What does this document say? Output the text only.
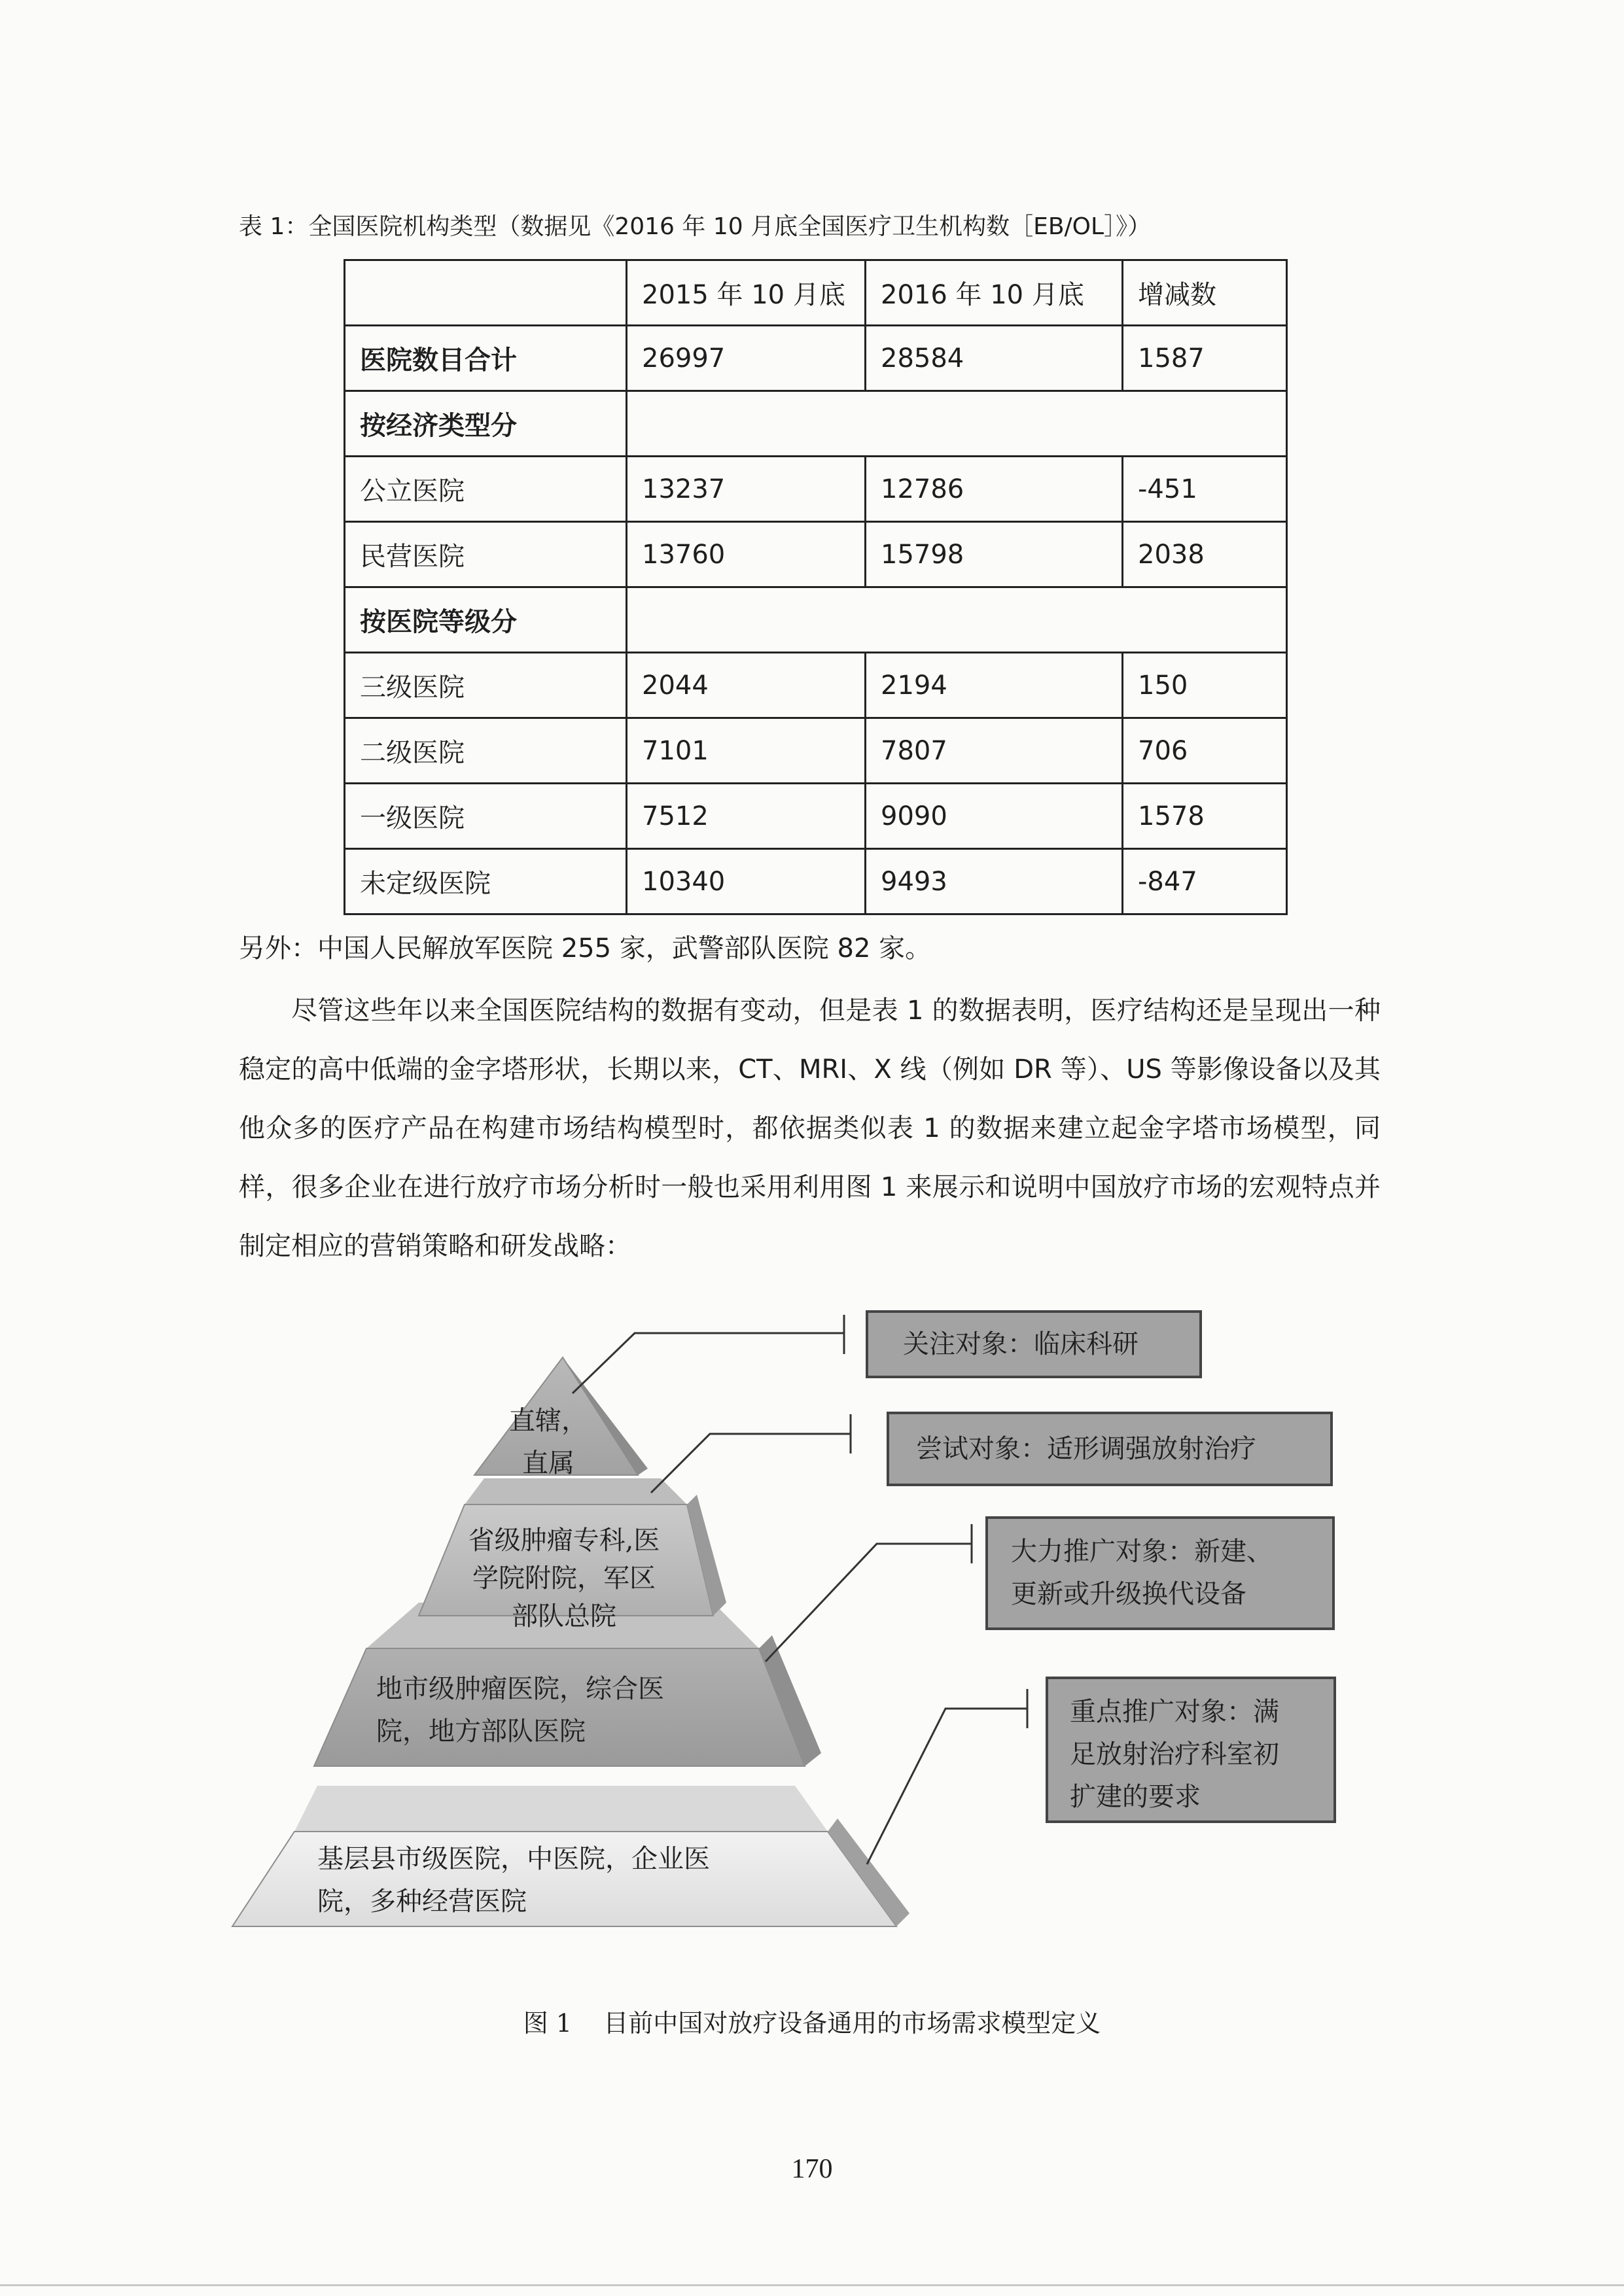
表 1：全国医院机构类型（数据见《2016 年 10 月底全国医疗卫生机构数［EB/OL］》）
	2015 年 10 月底	2016 年 10 月底	增减数
医院数目合计	26997	28584	1587
按经济类型分			
公立医院	13237	12786	-451
民营医院	13760	15798	2038
按医院等级分			
三级医院	2044	2194	150
二级医院	7101	7807	706
一级医院	7512	9090	1578
未定级医院	10340	9493	-847
另外：中国人民解放军医院 255 家，武警部队医院 82 家。

尽管这些年以来全国医院结构的数据有变动，但是表 1 的数据表明，医疗结构还是呈现出一种稳定的高中低端的金字塔形状，长期以来，CT、MRI、X 线（例如 DR 等）、US 等影像设备以及其他众多的医疗产品在构建市场结构模型时，都依据类似表 1 的数据来建立起金字塔市场模型，同样，很多企业在进行放疗市场分析时一般也采用利用图 1 来展示和说明中国放疗市场的宏观特点并制定相应的营销策略和研发战略：

直辖，
直属
省级肿瘤专科,医
学院附院，军区
部队总院
地市级肿瘤医院，综合医
院，地方部队医院
基层县市级医院，中医院，企业医
院，多种经营医院
关注对象：临床科研
尝试对象：适形调强放射治疗
大力推广对象：新建、
更新或升级换代设备
重点推广对象：满
足放射治疗科室初
扩建的要求
图 1    目前中国对放疗设备通用的市场需求模型定义
170
